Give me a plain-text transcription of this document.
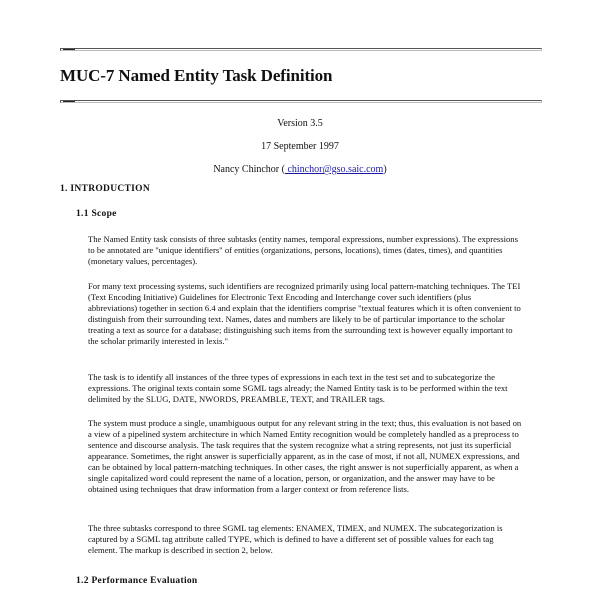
MUC-7 Named Entity Task Definition

Version 3.5

17 September 1997

Nancy Chinchor ( chinchor@gso.saic.com)

1. INTRODUCTION
1.1 Scope

The Named Entity task consists of three subtasks (entity names, temporal expressions, number expressions). The expressions to be annotated are "unique identifiers" of entities (organizations, persons, locations), times (dates, times), and quantities (monetary values, percentages).

For many text processing systems, such identifiers are recognized primarily using local pattern-matching techniques. The TEI (Text Encoding Initiative) Guidelines for Electronic Text Encoding and Interchange cover such identifiers (plus abbreviations) together in section 6.4 and explain that the identifiers comprise "textual features which it is often convenient to distinguish from their surrounding text. Names, dates and numbers are likely to be of particular importance to the scholar treating a text as source for a database; distinguishing such items from the surrounding text is however equally important to the scholar primarily interested in lexis."

The task is to identify all instances of the three types of expressions in each text in the test set and to subcategorize the expressions. The original texts contain some SGML tags already; the Named Entity task is to be performed within the text delimited by the SLUG, DATE, NWORDS, PREAMBLE, TEXT, and TRAILER tags.

The system must produce a single, unambiguous output for any relevant string in the text; thus, this evaluation is not based on a view of a pipelined system architecture in which Named Entity recognition would be completely handled as a preprocess to sentence and discourse analysis. The task requires that the system recognize what a string represents, not just its superficial appearance. Sometimes, the right answer is superficially apparent, as in the case of most, if not all, NUMEX expressions, and can be obtained by local pattern-matching techniques. In other cases, the right answer is not superficially apparent, as when a single capitalized word could represent the name of a location, person, or organization, and the answer may have to be obtained using techniques that draw information from a larger context or from reference lists.

The three subtasks correspond to three SGML tag elements: ENAMEX, TIMEX, and NUMEX. The subcategorization is captured by a SGML tag attribute called TYPE, which is defined to have a different set of possible values for each tag element. The markup is described in section 2, below.

1.2 Performance Evaluation
